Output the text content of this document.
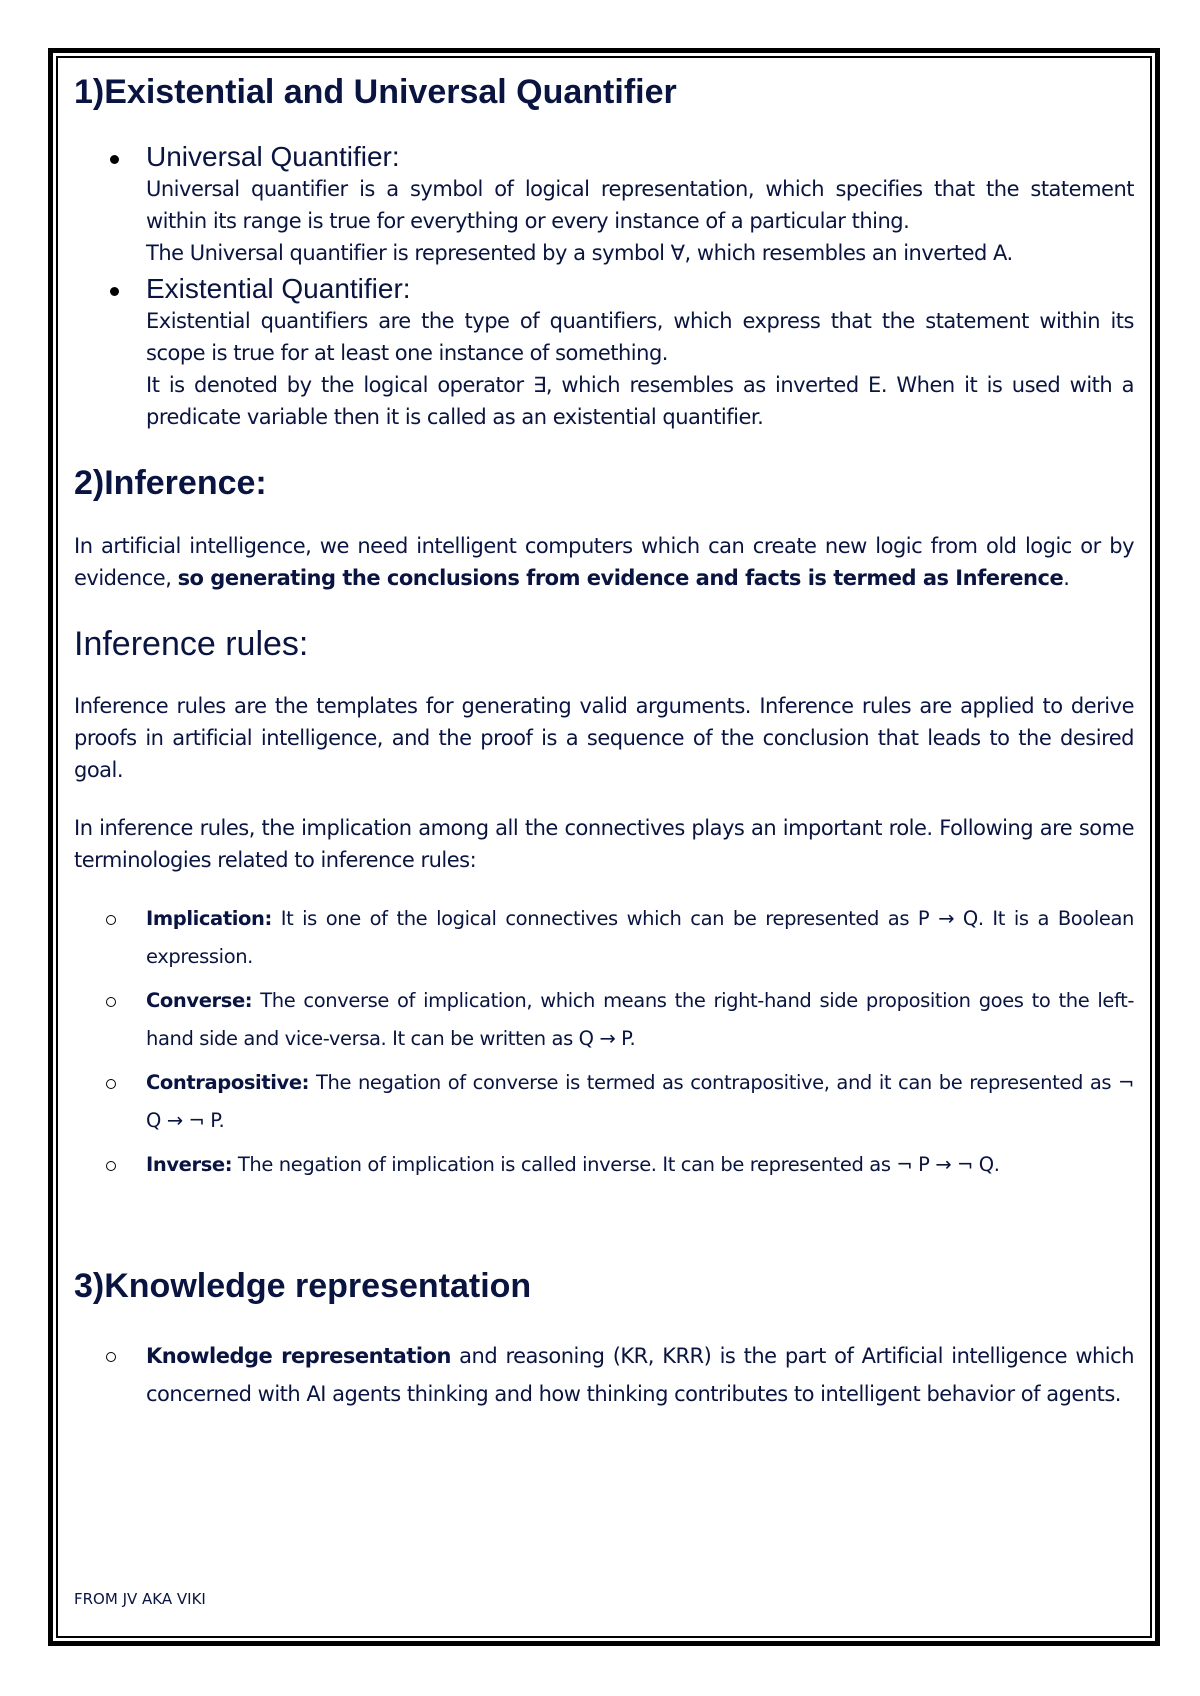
1)Existential and Universal Quantifier

Universal Quantifier:

Universal quantifier is a symbol of logical representation, which specifies that the statement within its range is true for everything or every instance of a particular thing.

The Universal quantifier is represented by a symbol ∀, which resembles an inverted A.

Existential Quantifier:

Existential quantifiers are the type of quantifiers, which express that the statement within its scope is true for at least one instance of something.

It is denoted by the logical operator ∃, which resembles as inverted E. When it is used with a predicate variable then it is called as an existential quantifier.

2)Inference:

In artificial intelligence, we need intelligent computers which can create new logic from old logic or by evidence, so generating the conclusions from evidence and facts is termed as Inference.

Inference rules:

Inference rules are the templates for generating valid arguments. Inference rules are applied to derive proofs in artificial intelligence, and the proof is a sequence of the conclusion that leads to the desired goal.

In inference rules, the implication among all the connectives plays an important role. Following are some terminologies related to inference rules:

Implication: It is one of the logical connectives which can be represented as P → Q. It is a Boolean expression.

Converse: The converse of implication, which means the right-hand side proposition goes to the left-hand side and vice-versa. It can be written as Q → P.

Contrapositive: The negation of converse is termed as contrapositive, and it can be represented as ¬ Q → ¬ P.

Inverse: The negation of implication is called inverse. It can be represented as ¬ P → ¬ Q.

3)Knowledge representation

Knowledge representation and reasoning (KR, KRR) is the part of Artificial intelligence which concerned with AI agents thinking and how thinking contributes to intelligent behavior of agents.

FROM JV AKA VIKI
